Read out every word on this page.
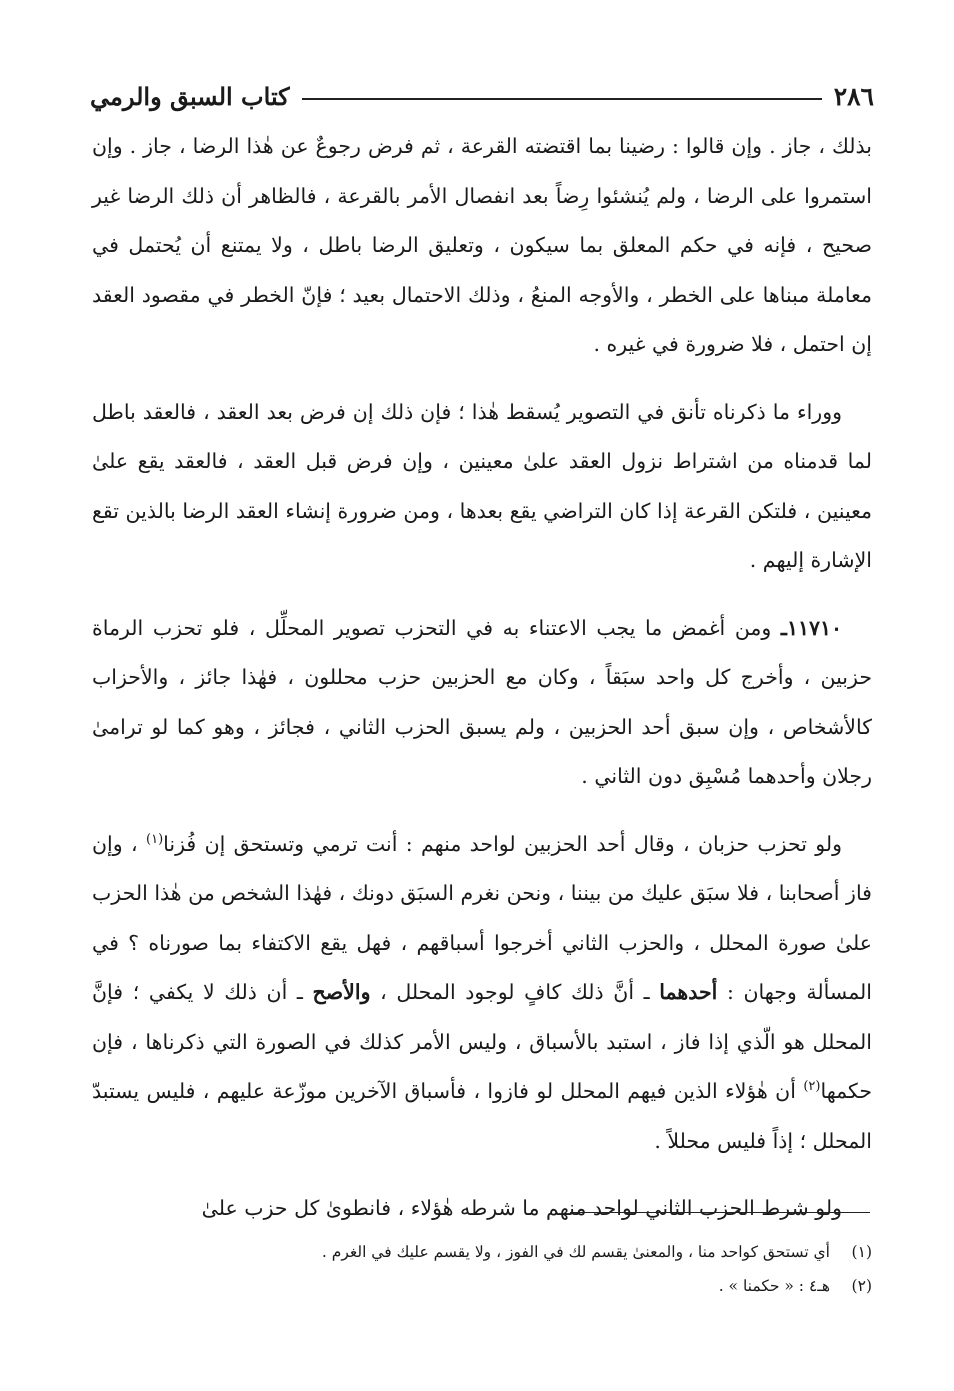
٢٨٦
كتاب السبق والرمي

بذلك ، جاز . وإن قالوا : رضينا بما اقتضته القرعة ، ثم فرض رجوعٌ عن هٰذا الرضا ، جاز . وإن استمروا على الرضا ، ولم يُنشئوا رِضاً بعد انفصال الأمر بالقرعة ، فالظاهر أن ذلك الرضا غير صحيح ، فإنه في حكم المعلق بما سيكون ، وتعليق الرضا باطل ، ولا يمتنع أن يُحتمل في معاملة مبناها على الخطر ، والأوجه المنعُ ، وذلك الاحتمال بعيد ؛ فإنّ الخطر في مقصود العقد إن احتمل ، فلا ضرورة في غيره .

ووراء ما ذكرناه تأنق في التصوير يُسقط هٰذا ؛ فإن ذلك إن فرض بعد العقد ، فالعقد باطل لما قدمناه من اشتراط نزول العقد علىٰ معينين ، وإن فرض قبل العقد ، فالعقد يقع علىٰ معينين ، فلتكن القرعة إذا كان التراضي يقع بعدها ، ومن ضرورة إنشاء العقد الرضا بالذين تقع الإشارة إليهم .

١١٧١٠ـ ومن أغمض ما يجب الاعتناء به في التحزب تصوير المحلِّل ، فلو تحزب الرماة حزبين ، وأخرج كل واحد سبَقاً ، وكان مع الحزبين حزب محللون ، فهٰذا جائز ، والأحزاب كالأشخاص ، وإن سبق أحد الحزبين ، ولم يسبق الحزب الثاني ، فجائز ، وهو كما لو ترامىٰ رجلان وأحدهما مُسْبِق دون الثاني .

ولو تحزب حزبان ، وقال أحد الحزبين لواحد منهم : أنت ترمي وتستحق إن فُزنا$^{(١)}$ ، وإن فاز أصحابنا ، فلا سبَق عليك من بيننا ، ونحن نغرم السبَق دونك ، فهٰذا الشخص من هٰذا الحزب علىٰ صورة المحلل ، والحزب الثاني أخرجوا أسباقهم ، فهل يقع الاكتفاء بما صورناه ؟ في المسألة وجهان : أحدهما ـ أنَّ ذلك كافٍ لوجود المحلل ، والأصح ـ أن ذلك لا يكفي ؛ فإنَّ المحلل هو الّذي إذا فاز ، استبد بالأسباق ، وليس الأمر كذلك في الصورة التي ذكرناها ، فإن حكمها$^{(٢)}$ أن هٰؤلاء الذين فيهم المحلل لو فازوا ، فأسباق الآخرين موزّعة عليهم ، فليس يستبدّ المحلل ؛ إذاً فليس محللاً .

ولو شرط الحزب الثاني لواحد منهم ما شرطه هٰؤلاء ، فانطوىٰ كل حزب علىٰ

(١)
أي تستحق كواحد منا ، والمعنىٰ يقسم لك في الفوز ، ولا يقسم عليك في الغرم .
(٢)
هـ٤ : « حكمنا » .
